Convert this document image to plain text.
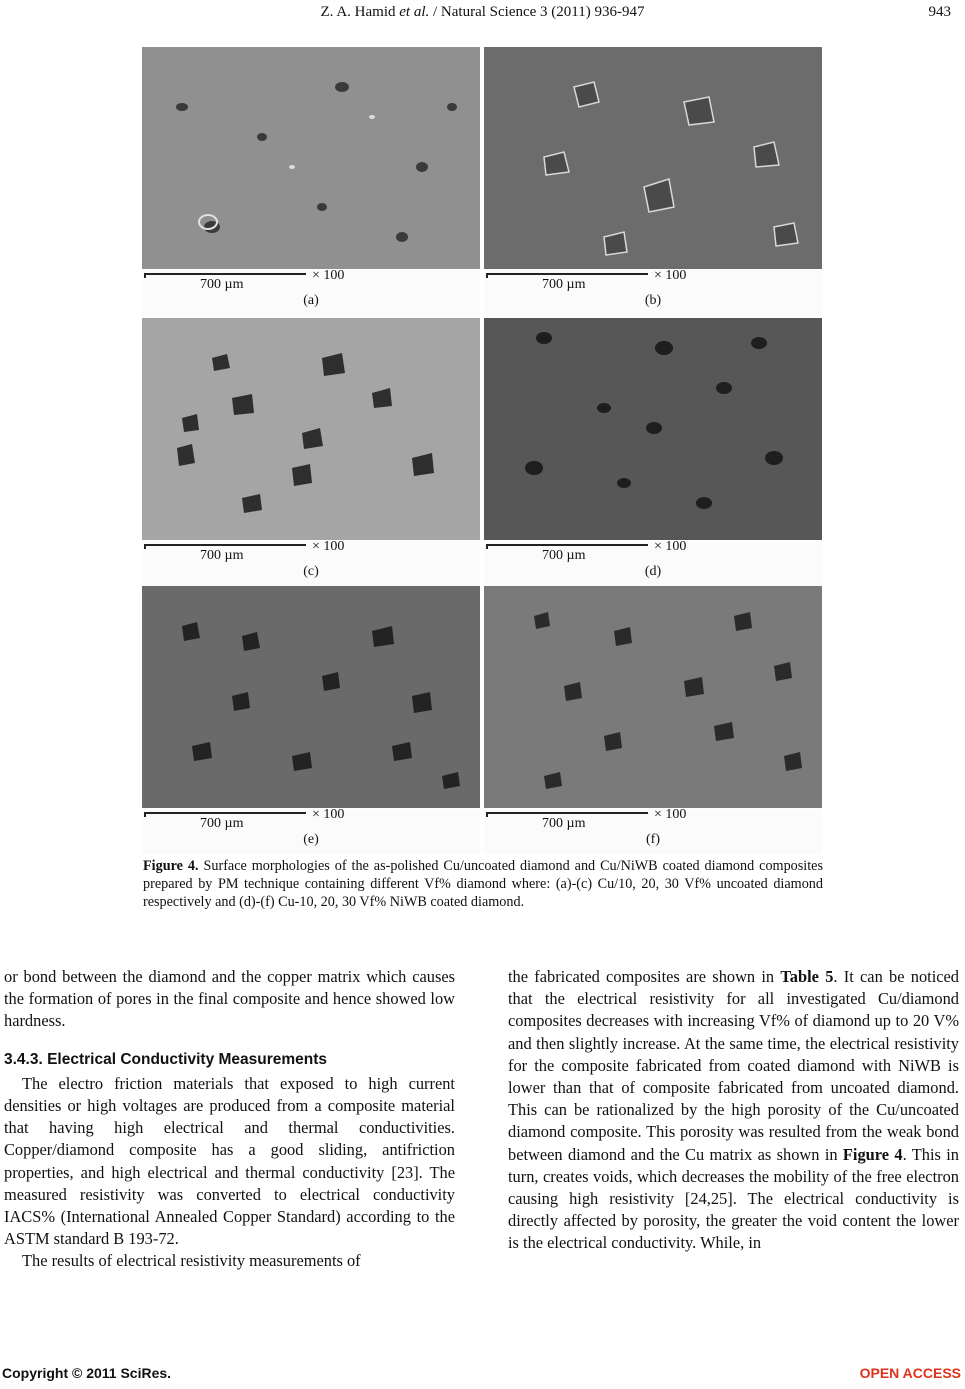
Z. A. Hamid et al. / Natural Science 3 (2011) 936-947	943
700 µm
× 100
(a)
700 µm
× 100
(b)
700 µm
× 100
(c)
700 µm
× 100
(d)
700 µm
× 100
(e)
700 µm
× 100
(f)
Figure 4. Surface morphologies of the as-polished Cu/uncoated diamond and Cu/NiWB coated diamond composites prepared by PM technique containing different Vf% diamond where: (a)-(c) Cu/10, 20, 30 Vf% uncoated diamond respectively and (d)-(f) Cu-10, 20, 30 Vf% NiWB coated diamond.

or bond between the diamond and the copper matrix which causes the formation of pores in the final composite and hence showed low hardness.

3.4.3. Electrical Conductivity Measurements

The electro friction materials that exposed to high current densities or high voltages are produced from a composite material that having high electrical and thermal conductivities. Copper/diamond composite has a good sliding, antifriction properties, and high electrical and thermal conductivity [23]. The measured resistivity was converted to electrical conductivity IACS% (International Annealed Copper Standard) according to the ASTM standard B 193-72.

The results of electrical resistivity measurements of

the fabricated composites are shown in Table 5. It can be noticed that the electrical resistivity for all investigated Cu/diamond composites decreases with increasing Vf% of diamond up to 20 V% and then slightly increase. At the same time, the electrical resistivity for the composite fabricated from coated diamond with NiWB is lower than that of composite fabricated from uncoated diamond. This can be rationalized by the high porosity of the Cu/uncoated diamond composite. This porosity was resulted from the weak bond between diamond and the Cu matrix as shown in Figure 4. This in turn, creates voids, which decreases the mobility of the free electron causing high resistivity [24,25]. The electrical conductivity is directly affected by porosity, the greater the void content the lower is the electrical conductivity. While, in

Copyright © 2011 SciRes.	OPEN ACCESS
